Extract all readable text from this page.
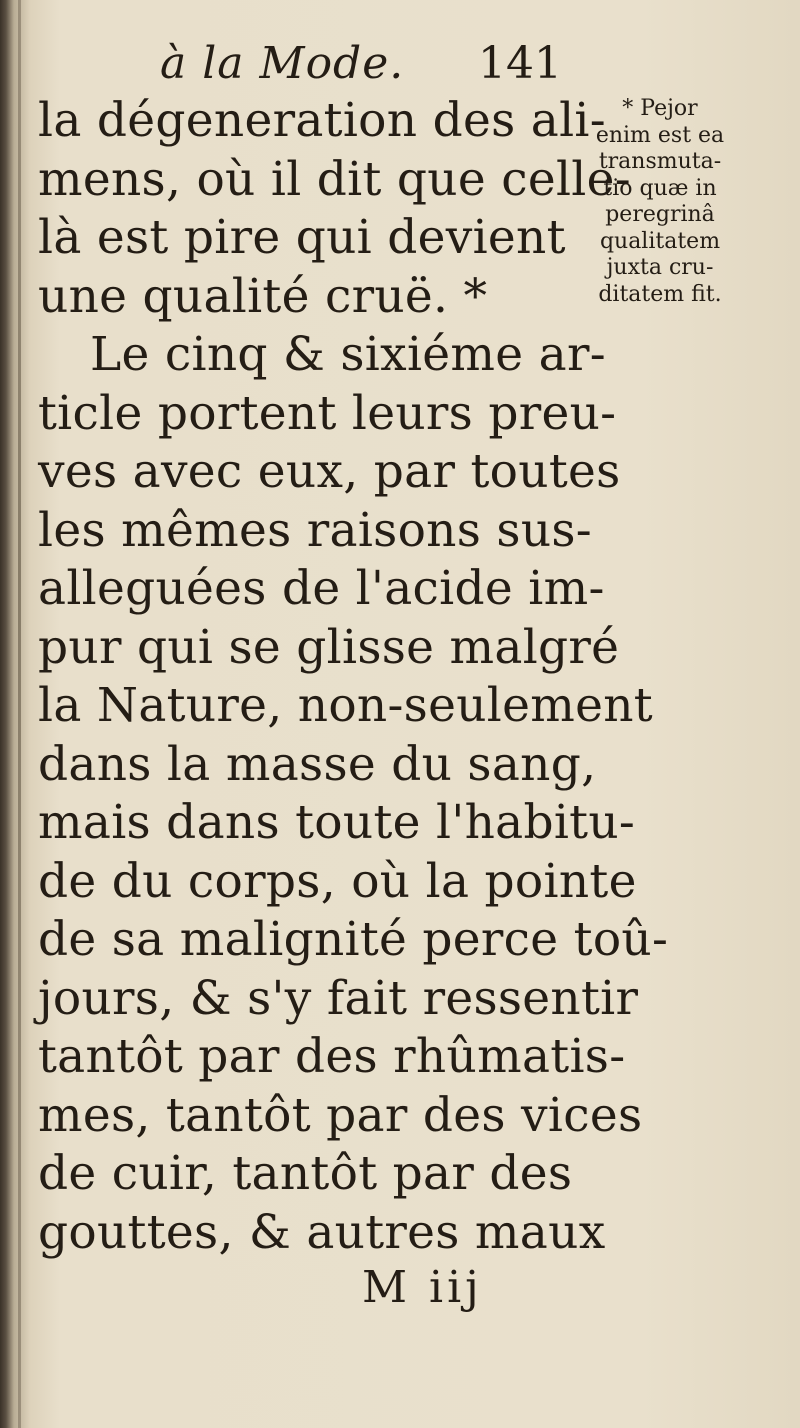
à la Mode. 141
la dégeneration des ali-
mens, où il dit que celle-
là est pire qui devient
une qualité cruë. *
Le cinq & sixiéme ar-
ticle portent leurs preu-
ves avec eux, par toutes
les mêmes raisons sus-
alleguées de l'acide im-
pur qui se glisse malgré
la Nature, non-seulement
dans la masse du sang,
mais dans toute l'habitu-
de du corps, où la pointe
de sa malignité perce toû-
jours, & s'y fait ressentir
tantôt par des rhûmatis-
mes, tantôt par des vices
de cuir, tantôt par des
gouttes, & autres maux
* Pejor
enim est ea
transmuta-
tio quæ in
peregrinâ
qualitatem
juxta cru-
ditatem fit.
M iij
